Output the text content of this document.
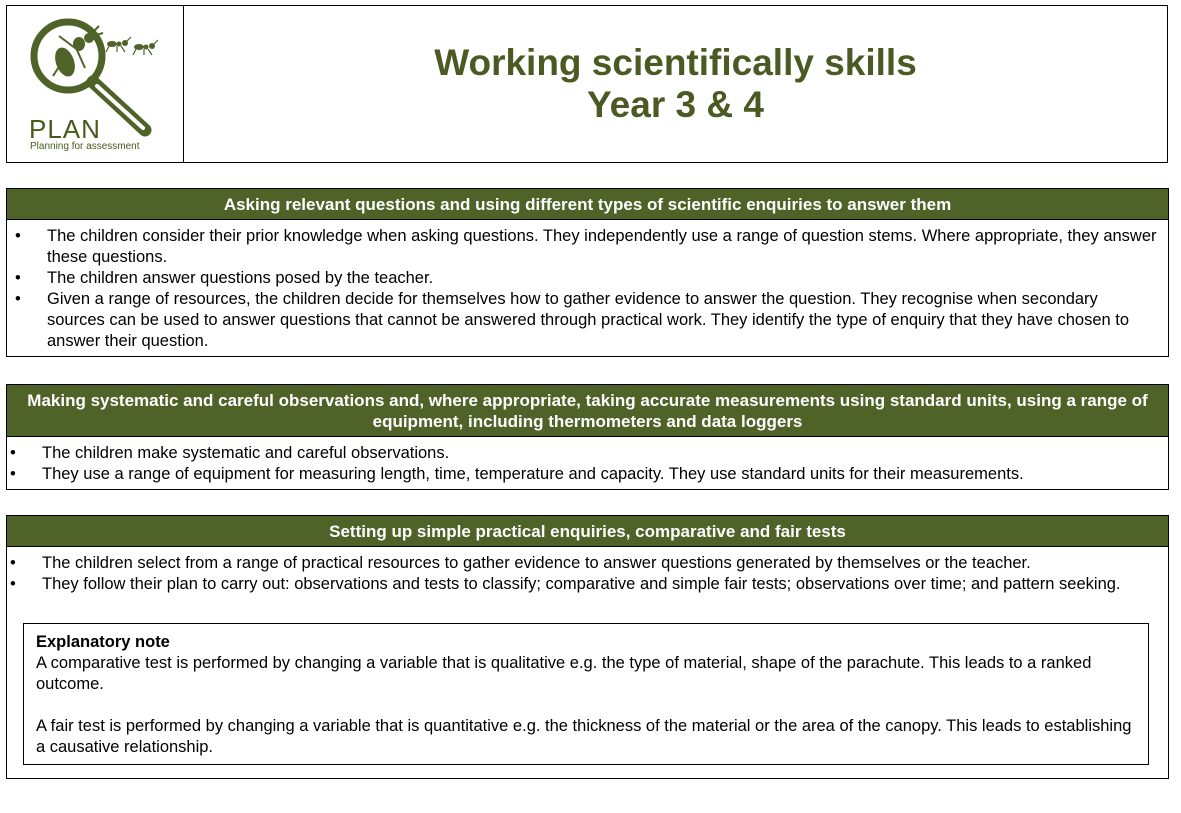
PLAN
Planning for assessment
Working scientifically skills
Year 3 & 4
Asking relevant questions and using different types of scientific enquiries to answer them
• The children consider their prior knowledge when asking questions. They independently use a range of question stems. Where appropriate, they answer these questions.
• The children answer questions posed by the teacher.
• Given a range of resources, the children decide for themselves how to gather evidence to answer the question. They recognise when secondary sources can be used to answer questions that cannot be answered through practical work. They identify the type of enquiry that they have chosen to answer their question.
Making systematic and careful observations and, where appropriate, taking accurate measurements using standard units, using a range of equipment, including thermometers and data loggers
• The children make systematic and careful observations.
• They use a range of equipment for measuring length, time, temperature and capacity. They use standard units for their measurements.
Setting up simple practical enquiries, comparative and fair tests
• The children select from a range of practical resources to gather evidence to answer questions generated by themselves or the teacher.
• They follow their plan to carry out: observations and tests to classify; comparative and simple fair tests; observations over time; and pattern seeking.
Explanatory note

A comparative test is performed by changing a variable that is qualitative e.g. the type of material, shape of the parachute. This leads to a ranked outcome.

A fair test is performed by changing a variable that is quantitative e.g. the thickness of the material or the area of the canopy. This leads to establishing a causative relationship.
